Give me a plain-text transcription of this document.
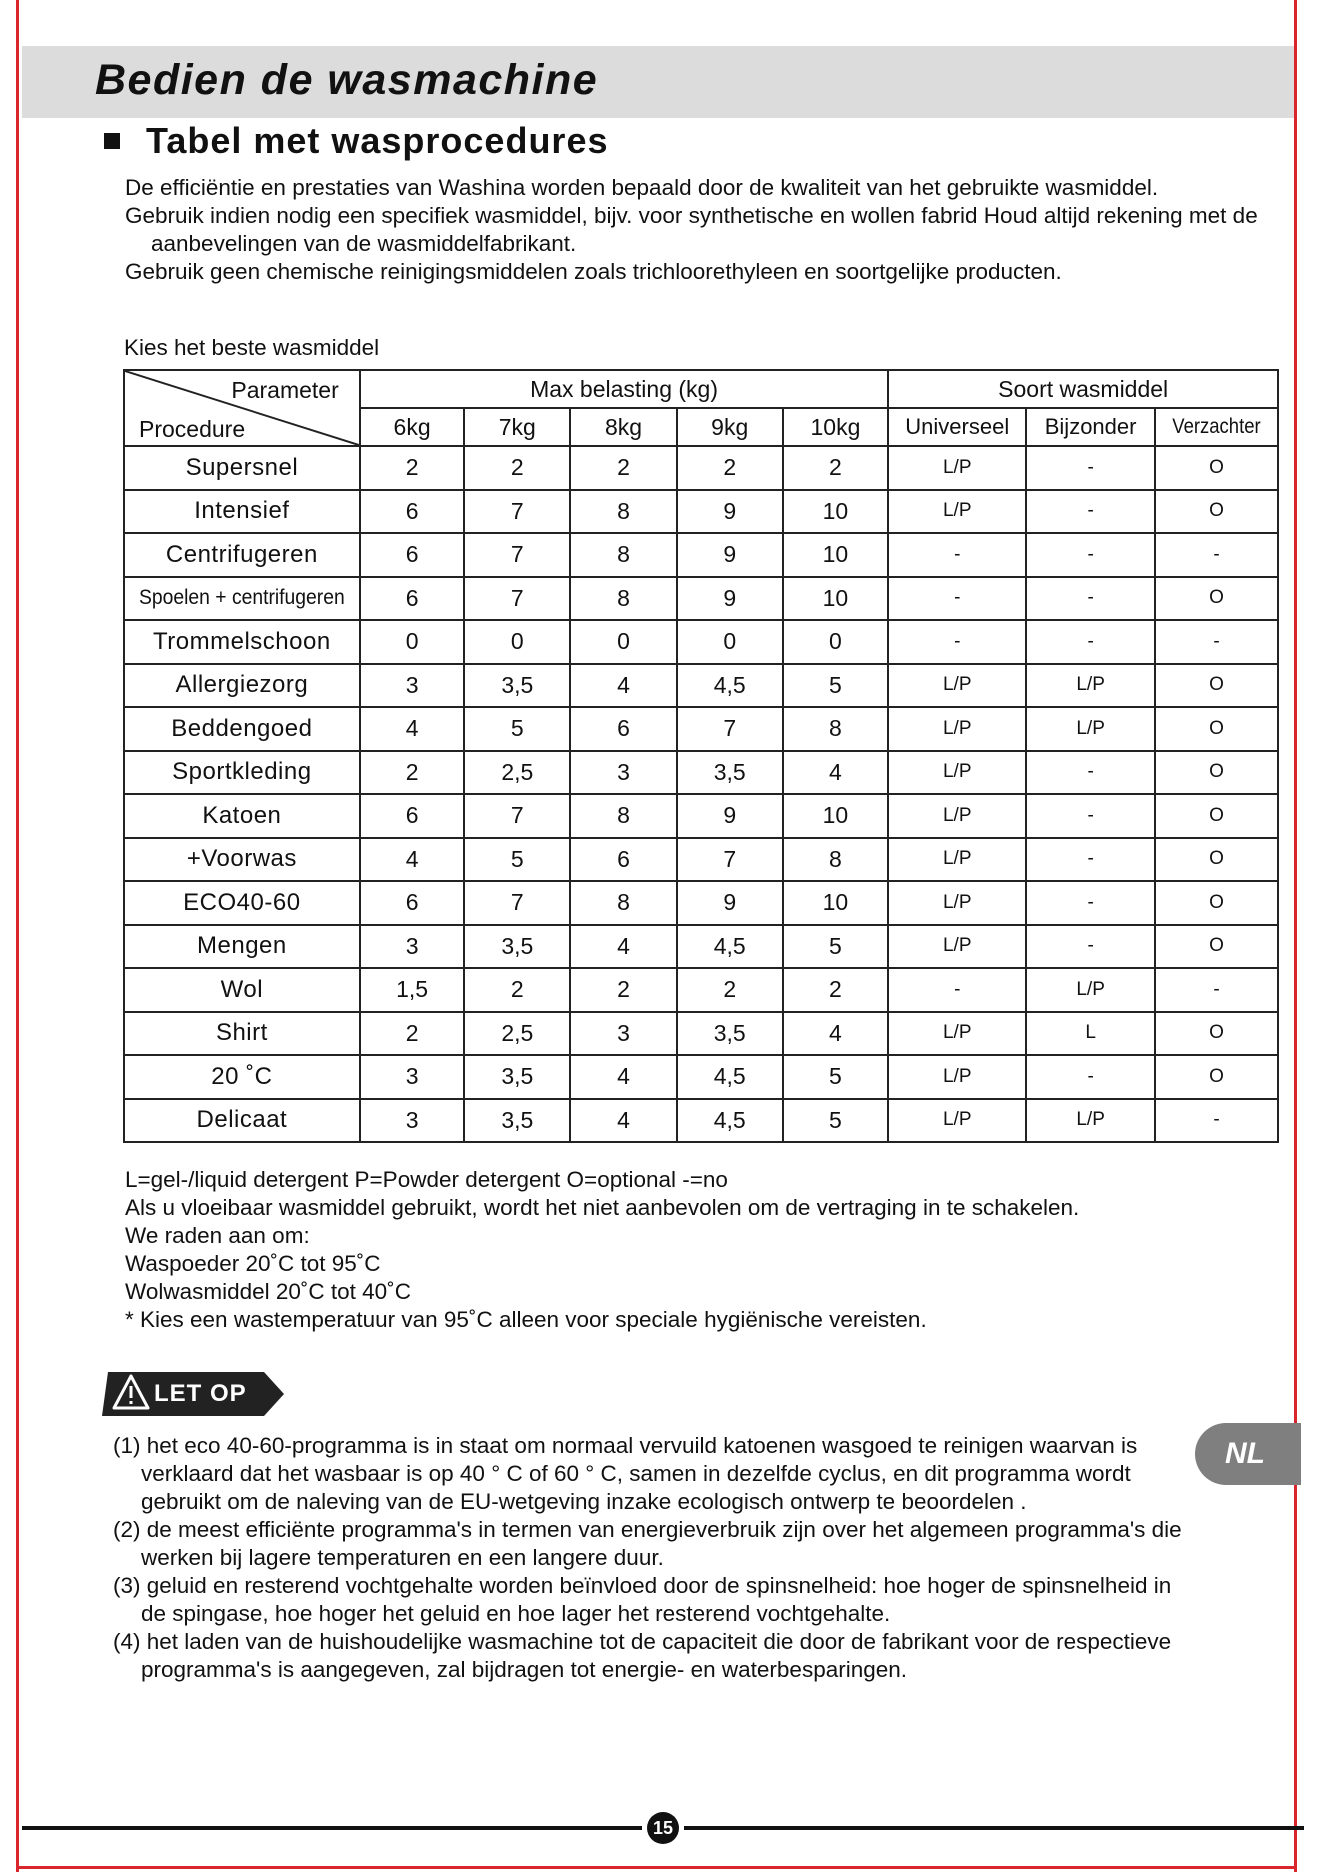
Bedien de wasmachine
Tabel met wasprocedures

De efficiëntie en prestaties van Washina worden bepaald door de kwaliteit van het gebruikte wasmiddel.

Gebruik indien nodig een specifiek wasmiddel, bijv. voor synthetische en wollen fabrid Houd altijd rekening met de aanbevelingen van de wasmiddelfabrikant.

Gebruik geen chemische reinigingsmiddelen zoals trichloorethyleen en soortgelijke producten.

Kies het beste wasmiddel
Parameter
Procedure	Max belasting (kg)					Soort wasmiddel		
	6kg	7kg	8kg	9kg	10kg	Universeel	Bijzonder	Verzachter
Supersnel	2	2	2	2	2	L/P	-	O
Intensief	6	7	8	9	10	L/P	-	O
Centrifugeren	6	7	8	9	10	-	-	-
Spoelen + centrifugeren	6	7	8	9	10	-	-	O
Trommelschoon	0	0	0	0	0	-	-	-
Allergiezorg	3	3,5	4	4,5	5	L/P	L/P	O
Beddengoed	4	5	6	7	8	L/P	L/P	O
Sportkleding	2	2,5	3	3,5	4	L/P	-	O
Katoen	6	7	8	9	10	L/P	-	O
+Voorwas	4	5	6	7	8	L/P	-	O
ECO40-60	6	7	8	9	10	L/P	-	O
Mengen	3	3,5	4	4,5	5	L/P	-	O
Wol	1,5	2	2	2	2	-	L/P	-
Shirt	2	2,5	3	3,5	4	L/P	L	O
20 ˚C	3	3,5	4	4,5	5	L/P	-	O
Delicaat	3	3,5	4	4,5	5	L/P	L/P	-

L=gel-/liquid detergent P=Powder detergent O=optional -=no

Als u vloeibaar wasmiddel gebruikt, wordt het niet aanbevolen om de vertraging in te schakelen.

We raden aan om:

Waspoeder 20˚C tot 95˚C

Wolwasmiddel 20˚C tot 40˚C

* Kies een wastemperatuur van 95˚C alleen voor speciale hygiënische vereisten.

LET OP

(1) het eco 40-60-programma is in staat om normaal vervuild katoenen wasgoed te reinigen waarvan is verklaard dat het wasbaar is op 40 ° C of 60 ° C, samen in dezelfde cyclus, en dit programma wordt gebruikt om de naleving van de EU-wetgeving inzake ecologisch ontwerp te beoordelen .

(2) de meest efficiënte programma's in termen van energieverbruik zijn over het algemeen programma's die werken bij lagere temperaturen en een langere duur.

(3) geluid en resterend vochtgehalte worden beïnvloed door de spinsnelheid: hoe hoger de spinsnelheid in de spingase, hoe hoger het geluid en hoe lager het resterend vochtgehalte.

(4) het laden van de huishoudelijke wasmachine tot de capaciteit die door de fabrikant voor de respectieve programma's is aangegeven, zal bijdragen tot energie- en waterbesparingen.

NL
15
